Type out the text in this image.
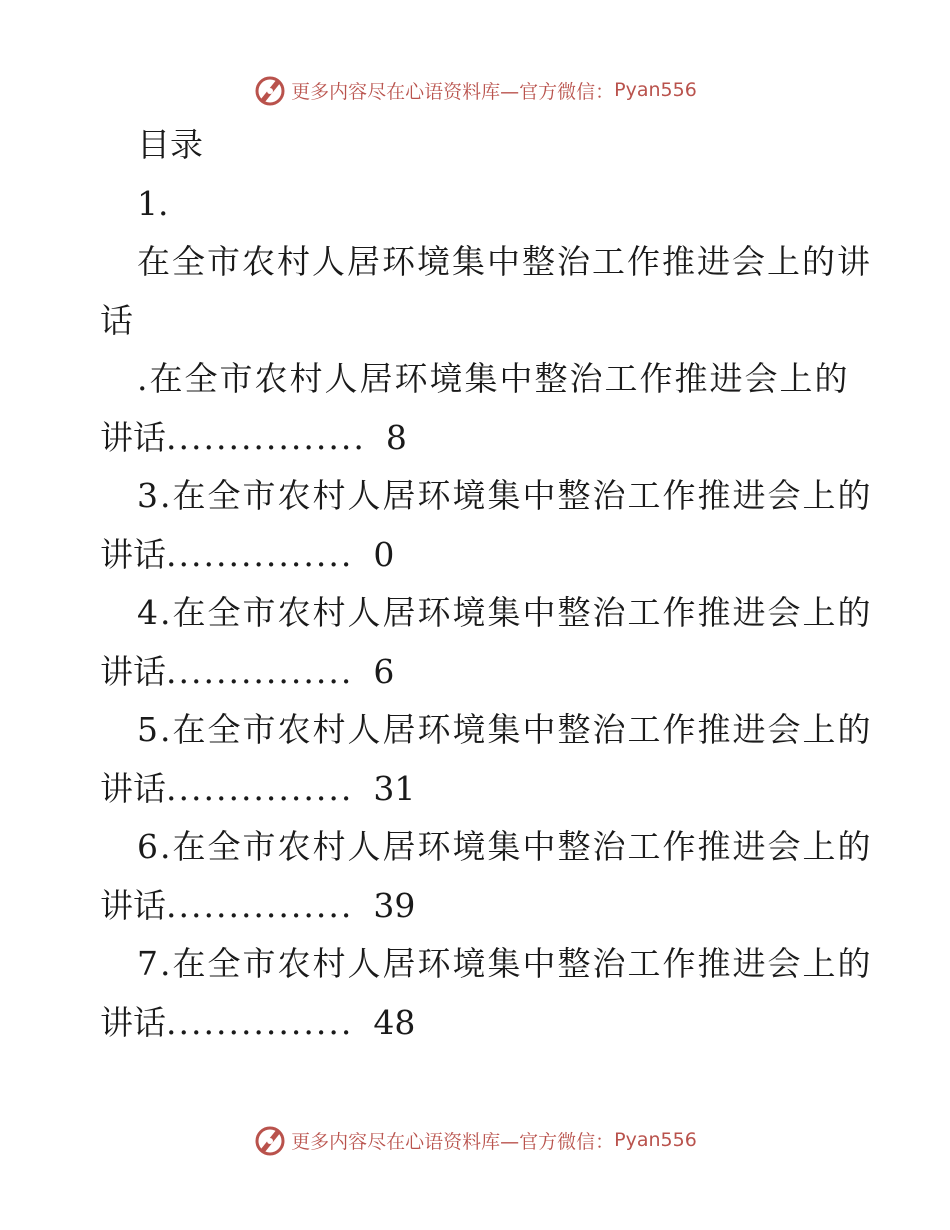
更多内容尽在心语资料库—官方微信： Pyan556
目录
1.
在全市农村人居环境集中整治工作推进会上的讲
话
.在全市农村人居环境集中整治工作推进会上的
讲话................ 8
3.在全市农村人居环境集中整治工作推进会上的
讲话............... 0
4.在全市农村人居环境集中整治工作推进会上的
讲话............... 6
5.在全市农村人居环境集中整治工作推进会上的
讲话............... 31
6.在全市农村人居环境集中整治工作推进会上的
讲话............... 39
7.在全市农村人居环境集中整治工作推进会上的
讲话............... 48
更多内容尽在心语资料库—官方微信： Pyan556
